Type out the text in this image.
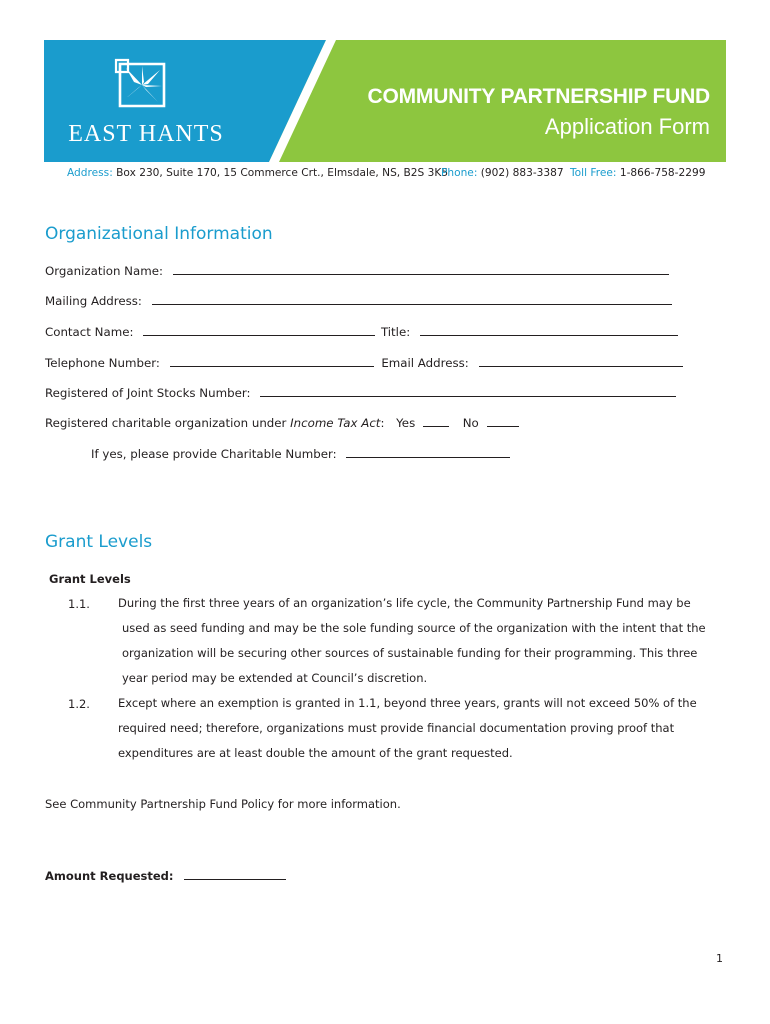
EAST HANTS
COMMUNITY PARTNERSHIP FUND
Application Form
Address: Box 230, Suite 170, 15 Commerce Crt., Elmsdale, NS, B2S 3K5
Phone: (902) 883-3387 Toll Free: 1-866-758-2299
Organizational Information
Organization Name:
Mailing Address:
Contact Name:	Title:
Telephone Number:	Email Address:
Registered of Joint Stocks Number:
Registered charitable organization under Income Tax Act: Yes	No
If yes, please provide Charitable Number:
Grant Levels
Grant Levels
1.1. During the first three years of an organization’s life cycle, the Community Partnership Fund may be
used as seed funding and may be the sole funding source of the organization with the intent that the
organization will be securing other sources of sustainable funding for their programming. This three
year period may be extended at Council’s discretion.
1.2. Except where an exemption is granted in 1.1, beyond three years, grants will not exceed 50% of the
required need; therefore, organizations must provide financial documentation proving proof that
expenditures are at least double the amount of the grant requested.
See Community Partnership Fund Policy for more information.
Amount Requested:
1
